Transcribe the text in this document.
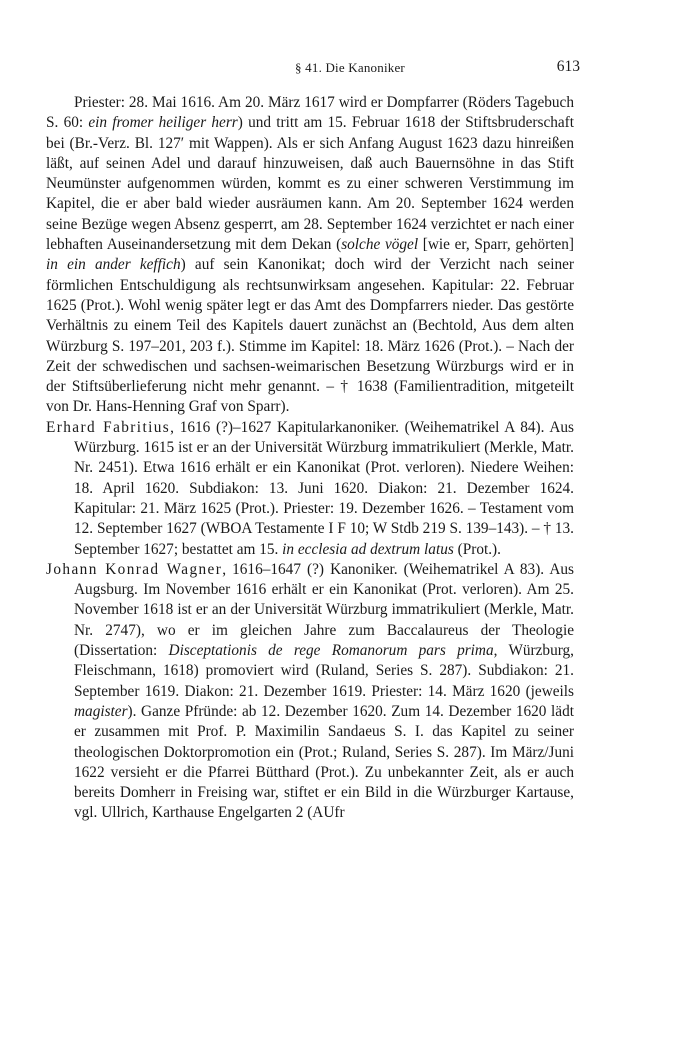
§ 41. Die Kanoniker	613

Priester: 28. Mai 1616. Am 20. März 1617 wird er Dompfarrer (Röders Tagebuch S. 60: ein fromer heiliger herr) und tritt am 15. Februar 1618 der Stiftsbruderschaft bei (Br.-Verz. Bl. 127′ mit Wappen). Als er sich Anfang August 1623 dazu hinreißen läßt, auf seinen Adel und darauf hinzuweisen, daß auch Bauernsöhne in das Stift Neumünster aufgenommen würden, kommt es zu einer schweren Verstimmung im Kapitel, die er aber bald wieder ausräumen kann. Am 20. September 1624 werden seine Bezüge wegen Absenz gesperrt, am 28. September 1624 verzichtet er nach einer lebhaften Auseinandersetzung mit dem Dekan (solche vögel [wie er, Sparr, gehörten] in ein ander keffich) auf sein Kanonikat; doch wird der Verzicht nach seiner förmlichen Entschuldigung als rechtsunwirksam angesehen. Kapitular: 22. Februar 1625 (Prot.). Wohl wenig später legt er das Amt des Dompfarrers nieder. Das gestörte Verhältnis zu einem Teil des Kapitels dauert zunächst an (Bechtold, Aus dem alten Würzburg S. 197–201, 203 f.). Stimme im Kapitel: 18. März 1626 (Prot.). – Nach der Zeit der schwedischen und sachsen-weimarischen Besetzung Würzburgs wird er in der Stiftsüberlieferung nicht mehr genannt. – † 1638 (Familientradition, mitgeteilt von Dr. Hans-Henning Graf von Sparr).

Erhard Fabritius, 1616 (?)–1627 Kapitularkanoniker. (Weihematrikel A 84). Aus Würzburg. 1615 ist er an der Universität Würzburg immatrikuliert (Merkle, Matr. Nr. 2451). Etwa 1616 erhält er ein Kanonikat (Prot. verloren). Niedere Weihen: 18. April 1620. Subdiakon: 13. Juni 1620. Diakon: 21. Dezember 1624. Kapitular: 21. März 1625 (Prot.). Priester: 19. Dezember 1626. – Testament vom 12. September 1627 (WBOA Testamente I F 10; W Stdb 219 S. 139–143). – † 13. September 1627; bestattet am 15. in ecclesia ad dextrum latus (Prot.).

Johann Konrad Wagner, 1616–1647 (?) Kanoniker. (Weihematrikel A 83). Aus Augsburg. Im November 1616 erhält er ein Kanonikat (Prot. verloren). Am 25. November 1618 ist er an der Universität Würzburg immatrikuliert (Merkle, Matr. Nr. 2747), wo er im gleichen Jahre zum Baccalaureus der Theologie (Dissertation: Disceptationis de rege Romanorum pars prima, Würzburg, Fleischmann, 1618) promoviert wird (Ruland, Series S. 287). Subdiakon: 21. September 1619. Diakon: 21. Dezember 1619. Priester: 14. März 1620 (jeweils magister). Ganze Pfründe: ab 12. Dezember 1620. Zum 14. Dezember 1620 lädt er zusammen mit Prof. P. Maximilin Sandaeus S. I. das Kapitel zu seiner theologischen Doktorpromotion ein (Prot.; Ruland, Series S. 287). Im März/Juni 1622 versieht er die Pfarrei Bütthard (Prot.). Zu unbekannter Zeit, als er auch bereits Domherr in Freising war, stiftet er ein Bild in die Würzburger Kartause, vgl. Ullrich, Karthause Engelgarten 2 (AUfr
